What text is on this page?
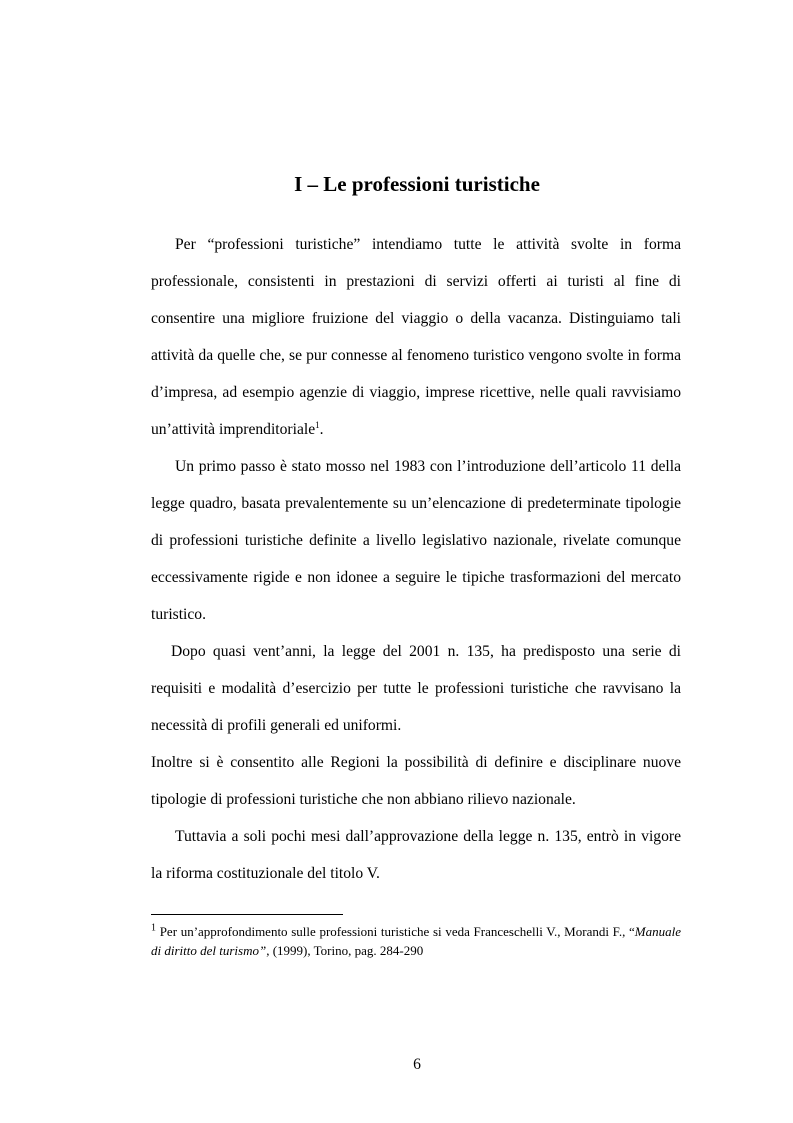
I – Le professioni turistiche

Per “professioni turistiche” intendiamo tutte le attività svolte in forma professionale, consistenti in prestazioni di servizi offerti ai turisti al fine di consentire una migliore fruizione del viaggio o della vacanza. Distinguiamo tali attività da quelle che, se pur connesse al fenomeno turistico vengono svolte in forma d’impresa, ad esempio agenzie di viaggio, imprese ricettive, nelle quali ravvisiamo un’attività imprenditoriale$^1$.

Un primo passo è stato mosso nel 1983 con l’introduzione dell’articolo 11 della legge quadro, basata prevalentemente su un’elencazione di predeterminate tipologie di professioni turistiche definite a livello legislativo nazionale, rivelate comunque eccessivamente rigide e non idonee a seguire le tipiche trasformazioni del mercato turistico.

Dopo quasi vent’anni, la legge del 2001 n. 135, ha predisposto una serie di requisiti e modalità d’esercizio per tutte le professioni turistiche che ravvisano la necessità di profili generali ed uniformi.

Inoltre si è consentito alle Regioni la possibilità di definire e disciplinare nuove tipologie di professioni turistiche che non abbiano rilievo nazionale.

Tuttavia a soli pochi mesi dall’approvazione della legge n. 135, entrò in vigore la riforma costituzionale del titolo V.

$^1$ Per un’approfondimento sulle professioni turistiche si veda Franceschelli V., Morandi F., “Manuale di diritto del turismo”, (1999), Torino, pag. 284-290
6
